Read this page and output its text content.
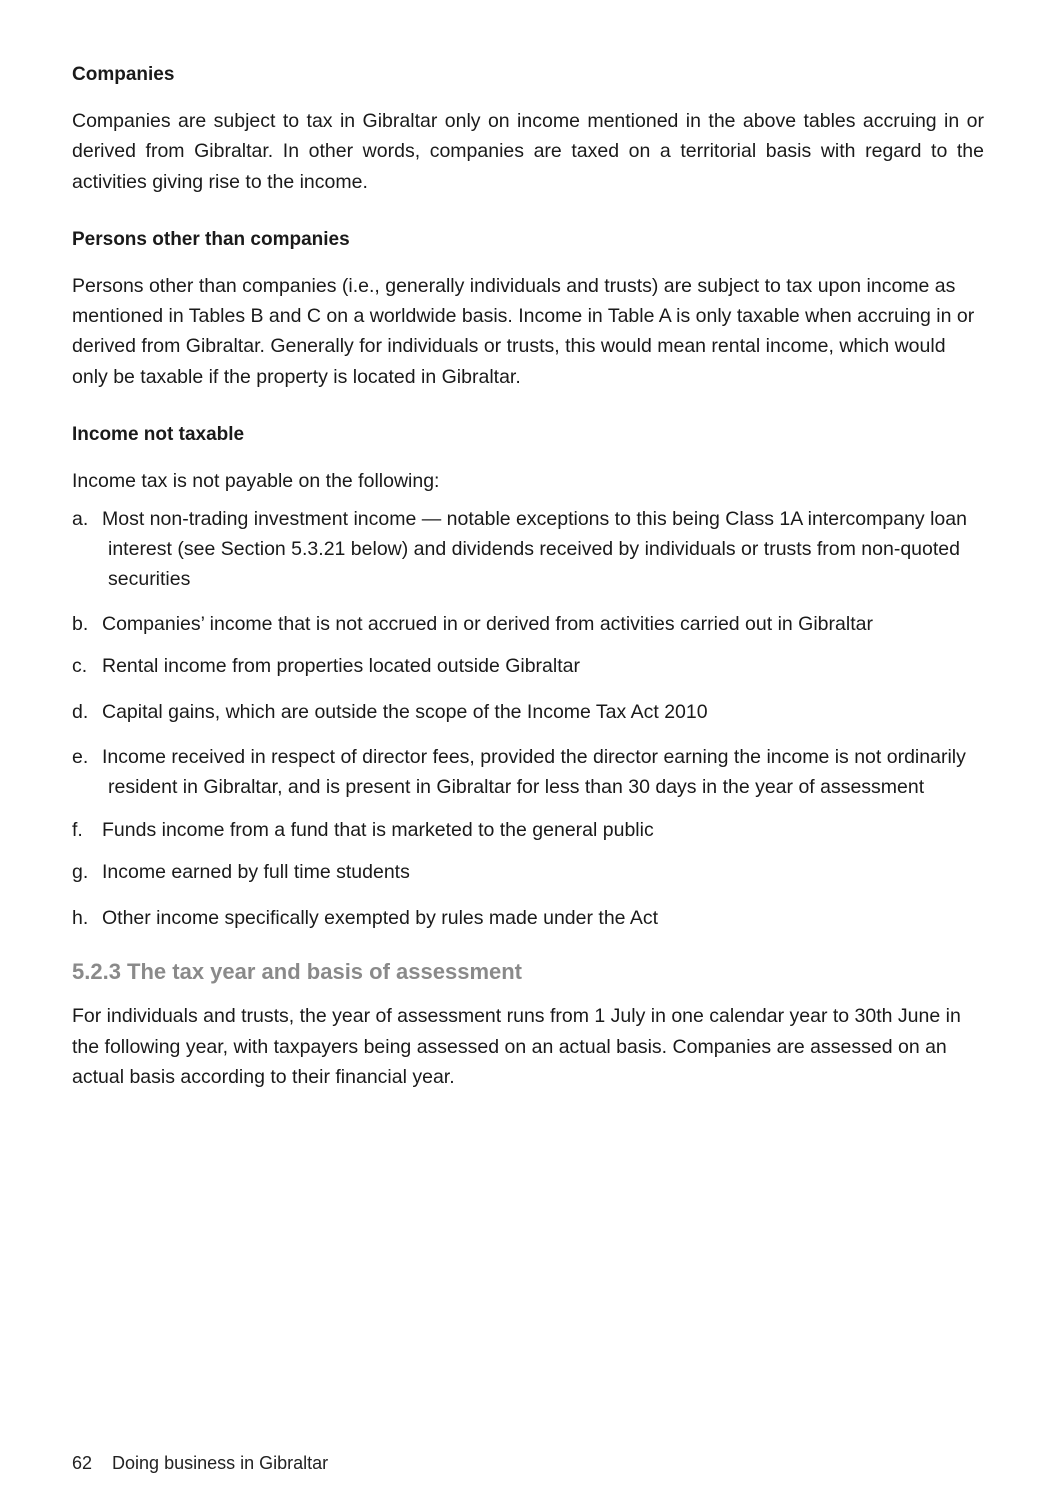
Companies

Companies are subject to tax in Gibraltar only on income mentioned in the above tables accruing in or derived from Gibraltar. In other words, companies are taxed on a territorial basis with regard to the activities giving rise to the income.

Persons other than companies

Persons other than companies (i.e., generally individuals and trusts) are subject to tax upon income as mentioned in Tables B and C on a worldwide basis. Income in Table A is only taxable when accruing in or derived from Gibraltar. Generally for individuals or trusts, this would mean rental income, which would only be taxable if the property is located in Gibraltar.

Income not taxable

Income tax is not payable on the following:

a. Most non-trading investment income — notable exceptions to this being Class 1A intercompany loan interest (see Section 5.3.21 below) and dividends received by individuals or trusts from non-quoted securities
b. Companies’ income that is not accrued in or derived from activities carried out in Gibraltar
c. Rental income from properties located outside Gibraltar
d. Capital gains, which are outside the scope of the Income Tax Act 2010
e. Income received in respect of director fees, provided the director earning the income is not ordinarily resident in Gibraltar, and is present in Gibraltar for less than 30 days in the year of assessment
f. Funds income from a fund that is marketed to the general public
g. Income earned by full time students
h. Other income specifically exempted by rules made under the Act
5.2.3 The tax year and basis of assessment

For individuals and trusts, the year of assessment runs from 1 July in one calendar year to 30th June in the following year, with taxpayers being assessed on an actual basis. Companies are assessed on an actual basis according to their financial year.

62 Doing business in Gibraltar
